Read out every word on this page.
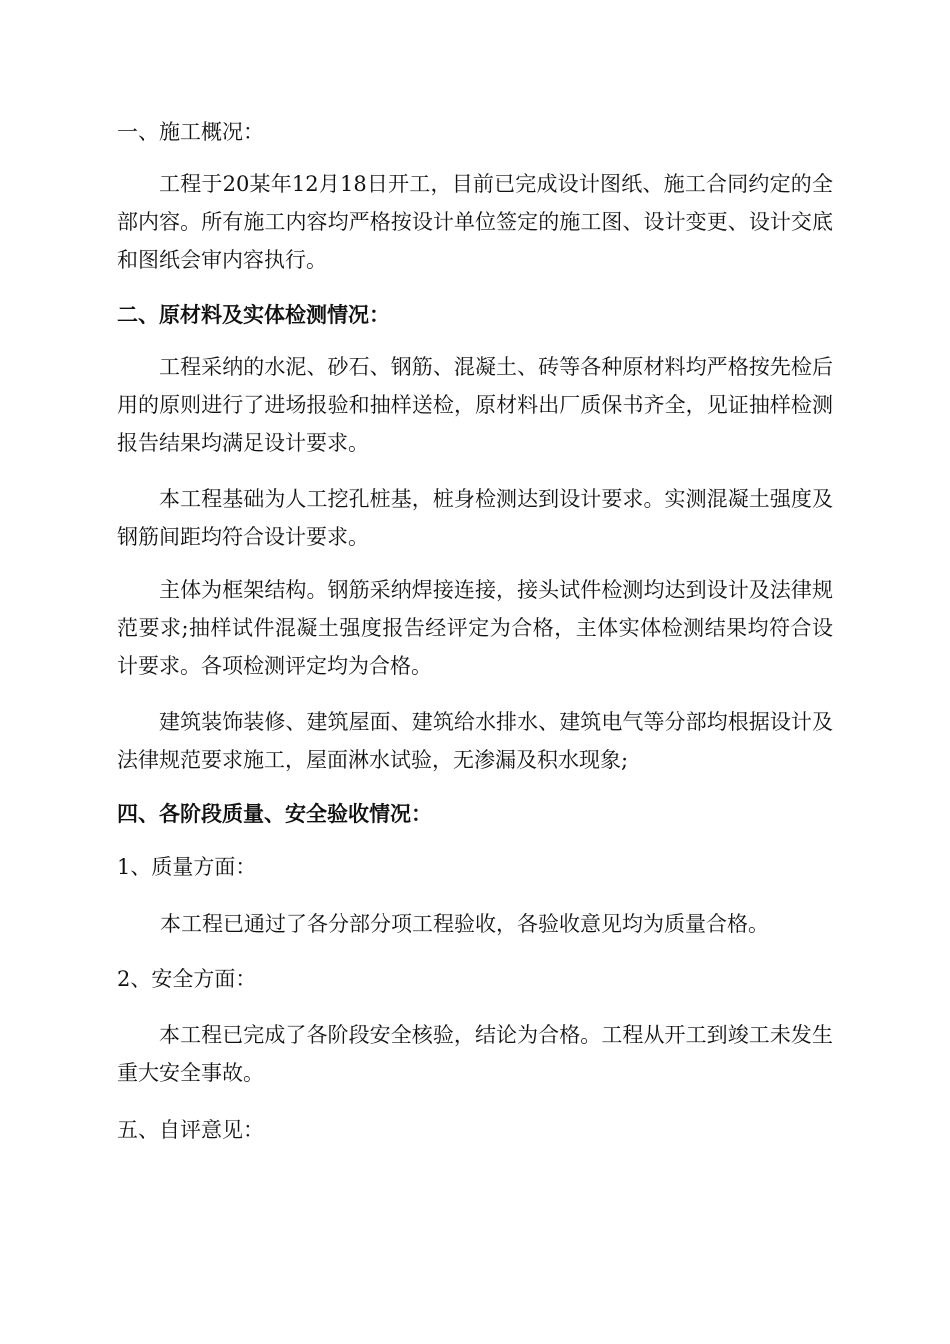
一、施工概况：

工程于20某年12月18日开工，目前已完成设计图纸、施工合同约定的全部内容。所有施工内容均严格按设计单位签定的施工图、设计变更、设计交底和图纸会审内容执行。

二、原材料及实体检测情况：

工程采纳的水泥、砂石、钢筋、混凝土、砖等各种原材料均严格按先检后用的原则进行了进场报验和抽样送检，原材料出厂质保书齐全，见证抽样检测报告结果均满足设计要求。

本工程基础为人工挖孔桩基，桩身检测达到设计要求。实测混凝土强度及钢筋间距均符合设计要求。

主体为框架结构。钢筋采纳焊接连接，接头试件检测均达到设计及法律规范要求;抽样试件混凝土强度报告经评定为合格，主体实体检测结果均符合设计要求。各项检测评定均为合格。

建筑装饰装修、建筑屋面、建筑给水排水、建筑电气等分部均根据设计及法律规范要求施工，屋面淋水试验，无渗漏及积水现象;

四、各阶段质量、安全验收情况：

1、质量方面：

本工程已通过了各分部分项工程验收，各验收意见均为质量合格。

2、安全方面：

本工程已完成了各阶段安全核验，结论为合格。工程从开工到竣工未发生重大安全事故。

五、自评意见：
